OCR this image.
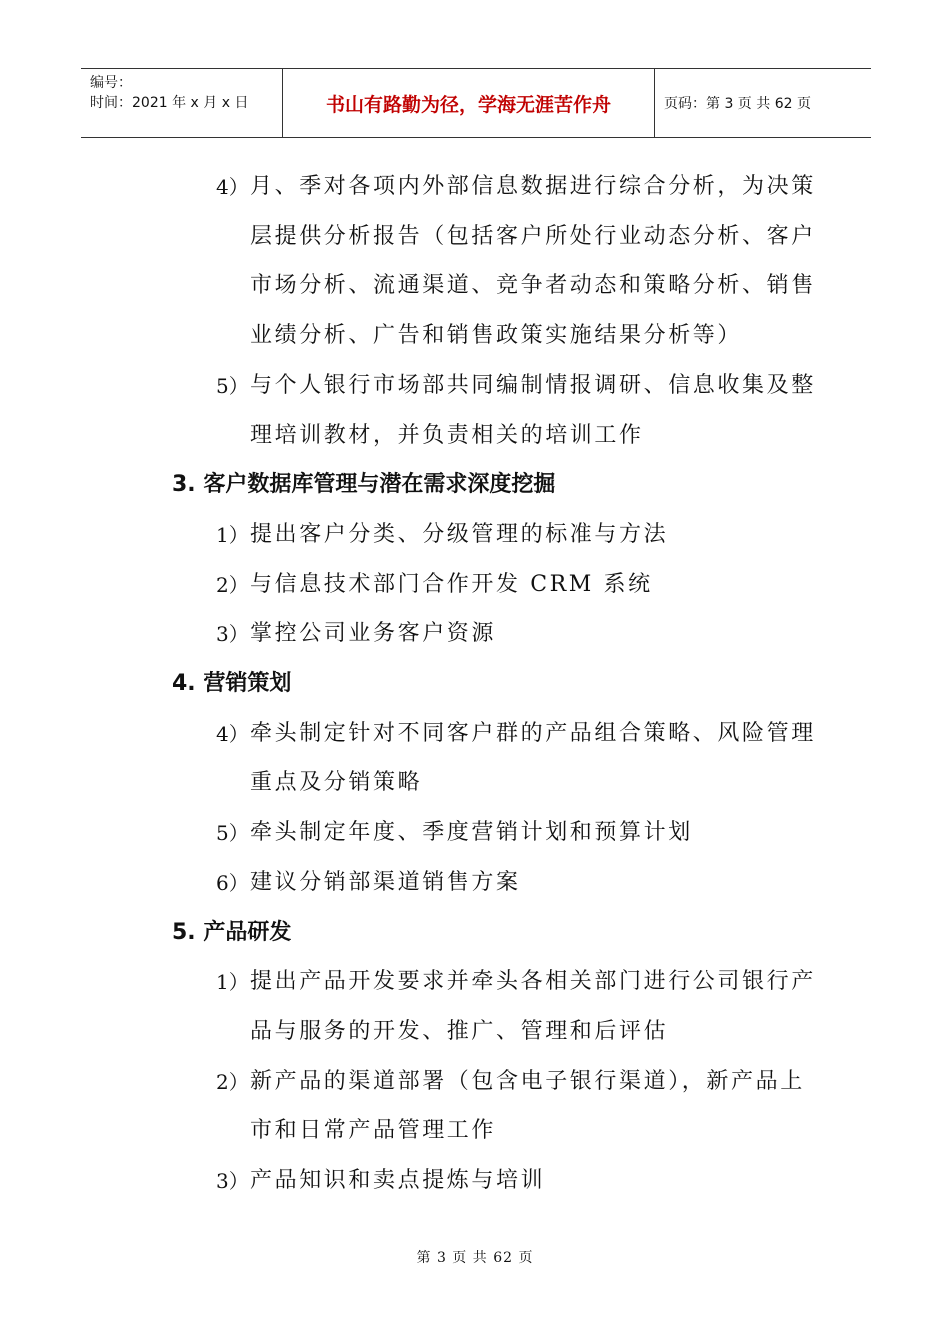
编号：
时间：2021 年 x 月 x 日	书山有路勤为径，学海无涯苦作舟	页码：第 3 页 共 62 页
4） 月、季对各项内外部信息数据进行综合分析，为决策
层提供分析报告（包括客户所处行业动态分析、客户
市场分析、流通渠道、竞争者动态和策略分析、销售
业绩分析、广告和销售政策实施结果分析等）
5） 与个人银行市场部共同编制情报调研、信息收集及整
理培训教材，并负责相关的培训工作
3. 客户数据库管理与潜在需求深度挖掘
1） 提出客户分类、分级管理的标准与方法
2） 与信息技术部门合作开发 CRM 系统
3） 掌控公司业务客户资源
4. 营销策划
4） 牵头制定针对不同客户群的产品组合策略、风险管理
重点及分销策略
5） 牵头制定年度、季度营销计划和预算计划
6） 建议分销部渠道销售方案
5. 产品研发
1） 提出产品开发要求并牵头各相关部门进行公司银行产
品与服务的开发、推广、管理和后评估
2） 新产品的渠道部署（包含电子银行渠道），新产品上
市和日常产品管理工作
3） 产品知识和卖点提炼与培训
第 3 页 共 62 页
